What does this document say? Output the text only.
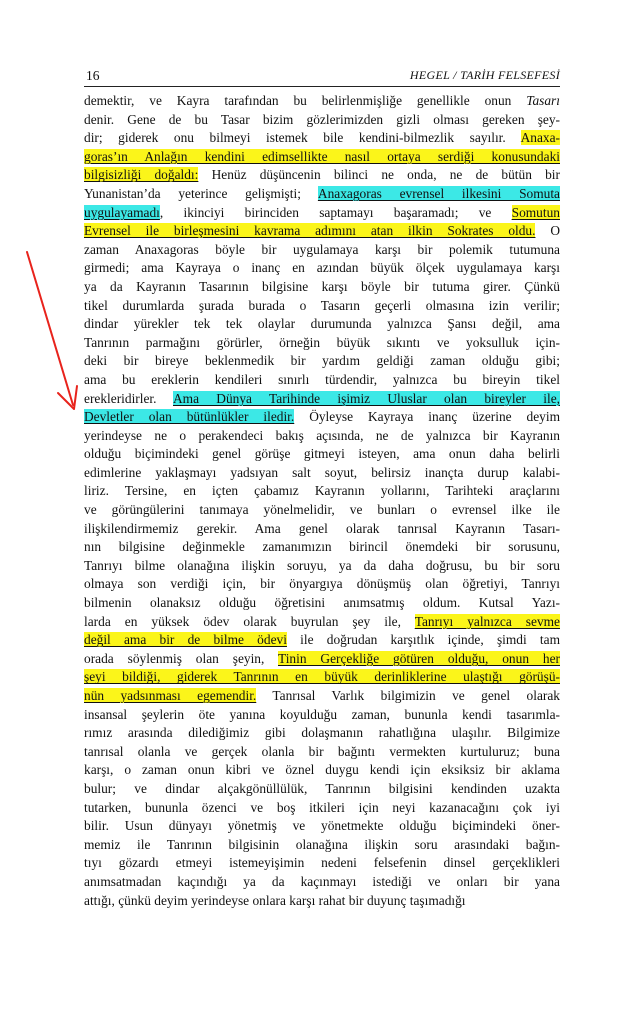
16	HEGEL / TARİH FELSEFESİ
demektir, ve Kayra tarafından bu belirlenmişliğe genellikle onun Tasarı
denir. Gene de bu Tasar bizim gözlerimizden gizli olması gereken şey-
dir; giderek onu bilmeyi istemek bile kendini-bilmezlik sayılır. Anaxa-
goras’ın Anlağın kendini edimsellikte nasıl ortaya serdiği konusundaki
bilgisizliği doğaldı: Henüz düşüncenin bilinci ne onda, ne de bütün bir
Yunanistan’da yeterince gelişmişti; Anaxagoras evrensel ilkesini Somuta
uygulayamadı, ikinciyi birinciden saptamayı başaramadı; ve Somutun
Evrensel ile birleşmesini kavrama adımını atan ilkin Sokrates oldu. O
zaman Anaxagoras böyle bir uygulamaya karşı bir polemik tutumuna
girmedi; ama Kayraya o inanç en azından büyük ölçek uygulamaya karşı
ya da Kayranın Tasarının bilgisine karşı böyle bir tutuma girer. Çünkü
tikel durumlarda şurada burada o Tasarın geçerli olmasına izin verilir;
dindar yürekler tek tek olaylar durumunda yalnızca Şansı değil, ama
Tanrının parmağını görürler, örneğin büyük sıkıntı ve yoksulluk için-
deki bir bireye beklenmedik bir yardım geldiği zaman olduğu gibi;
ama bu ereklerin kendileri sınırlı türdendir, yalnızca bu bireyin tikel
erekleridirler. Ama Dünya Tarihinde işimiz Uluslar olan bireyler ile,
Devletler olan bütünlükler iledir. Öyleyse Kayraya inanç üzerine deyim
yerindeyse ne o perakendeci bakış açısında, ne de yalnızca bir Kayranın
olduğu biçimindeki genel görüşe gitmeyi isteyen, ama onun daha belirli
edimlerine yaklaşmayı yadsıyan salt soyut, belirsiz inançta durup kalabi-
liriz. Tersine, en içten çabamız Kayranın yollarını, Tarihteki araçlarını
ve görüngülerini tanımaya yönelmelidir, ve bunları o evrensel ilke ile
ilişkilendirmemiz gerekir. Ama genel olarak tanrısal Kayranın Tasarı-
nın bilgisine değinmekle zamanımızın birincil önemdeki bir sorusunu,
Tanrıyı bilme olanağına ilişkin soruyu, ya da daha doğrusu, bu bir soru
olmaya son verdiği için, bir önyargıya dönüşmüş olan öğretiyi, Tanrıyı
bilmenin olanaksız olduğu öğretisini anımsatmış oldum. Kutsal Yazı-
larda en yüksek ödev olarak buyrulan şey ile, Tanrıyı yalnızca sevme
değil ama bir de bilme ödevi ile doğrudan karşıtlık içinde, şimdi tam
orada söylenmiş olan şeyin, Tinin Gerçekliğe götüren olduğu, onun her
şeyi bildiği, giderek Tanrının en büyük derinliklerine ulaştığı görüşü-
nün yadsınması egemendir. Tanrısal Varlık bilgimizin ve genel olarak
insansal şeylerin öte yanına koyulduğu zaman, bununla kendi tasarımla-
rımız arasında dilediğimiz gibi dolaşmanın rahatlığına ulaşılır. Bilgimize
tanrısal olanla ve gerçek olanla bir bağıntı vermekten kurtuluruz; buna
karşı, o zaman onun kibri ve öznel duygu kendi için eksiksiz bir aklama
bulur; ve dindar alçakgönüllülük, Tanrının bilgisini kendinden uzakta
tutarken, bununla özenci ve boş itkileri için neyi kazanacağını çok iyi
bilir. Usun dünyayı yönetmiş ve yönetmekte olduğu biçimindeki öner-
memiz ile Tanrının bilgisinin olanağına ilişkin soru arasındaki bağın-
tıyı gözardı etmeyi istemeyişimin nedeni felsefenin dinsel gerçeklikleri
anımsatmadan kaçındığı ya da kaçınmayı istediği ve onları bir yana
attığı, çünkü deyim yerindeyse onlara karşı rahat bir duyunç taşımadığı
